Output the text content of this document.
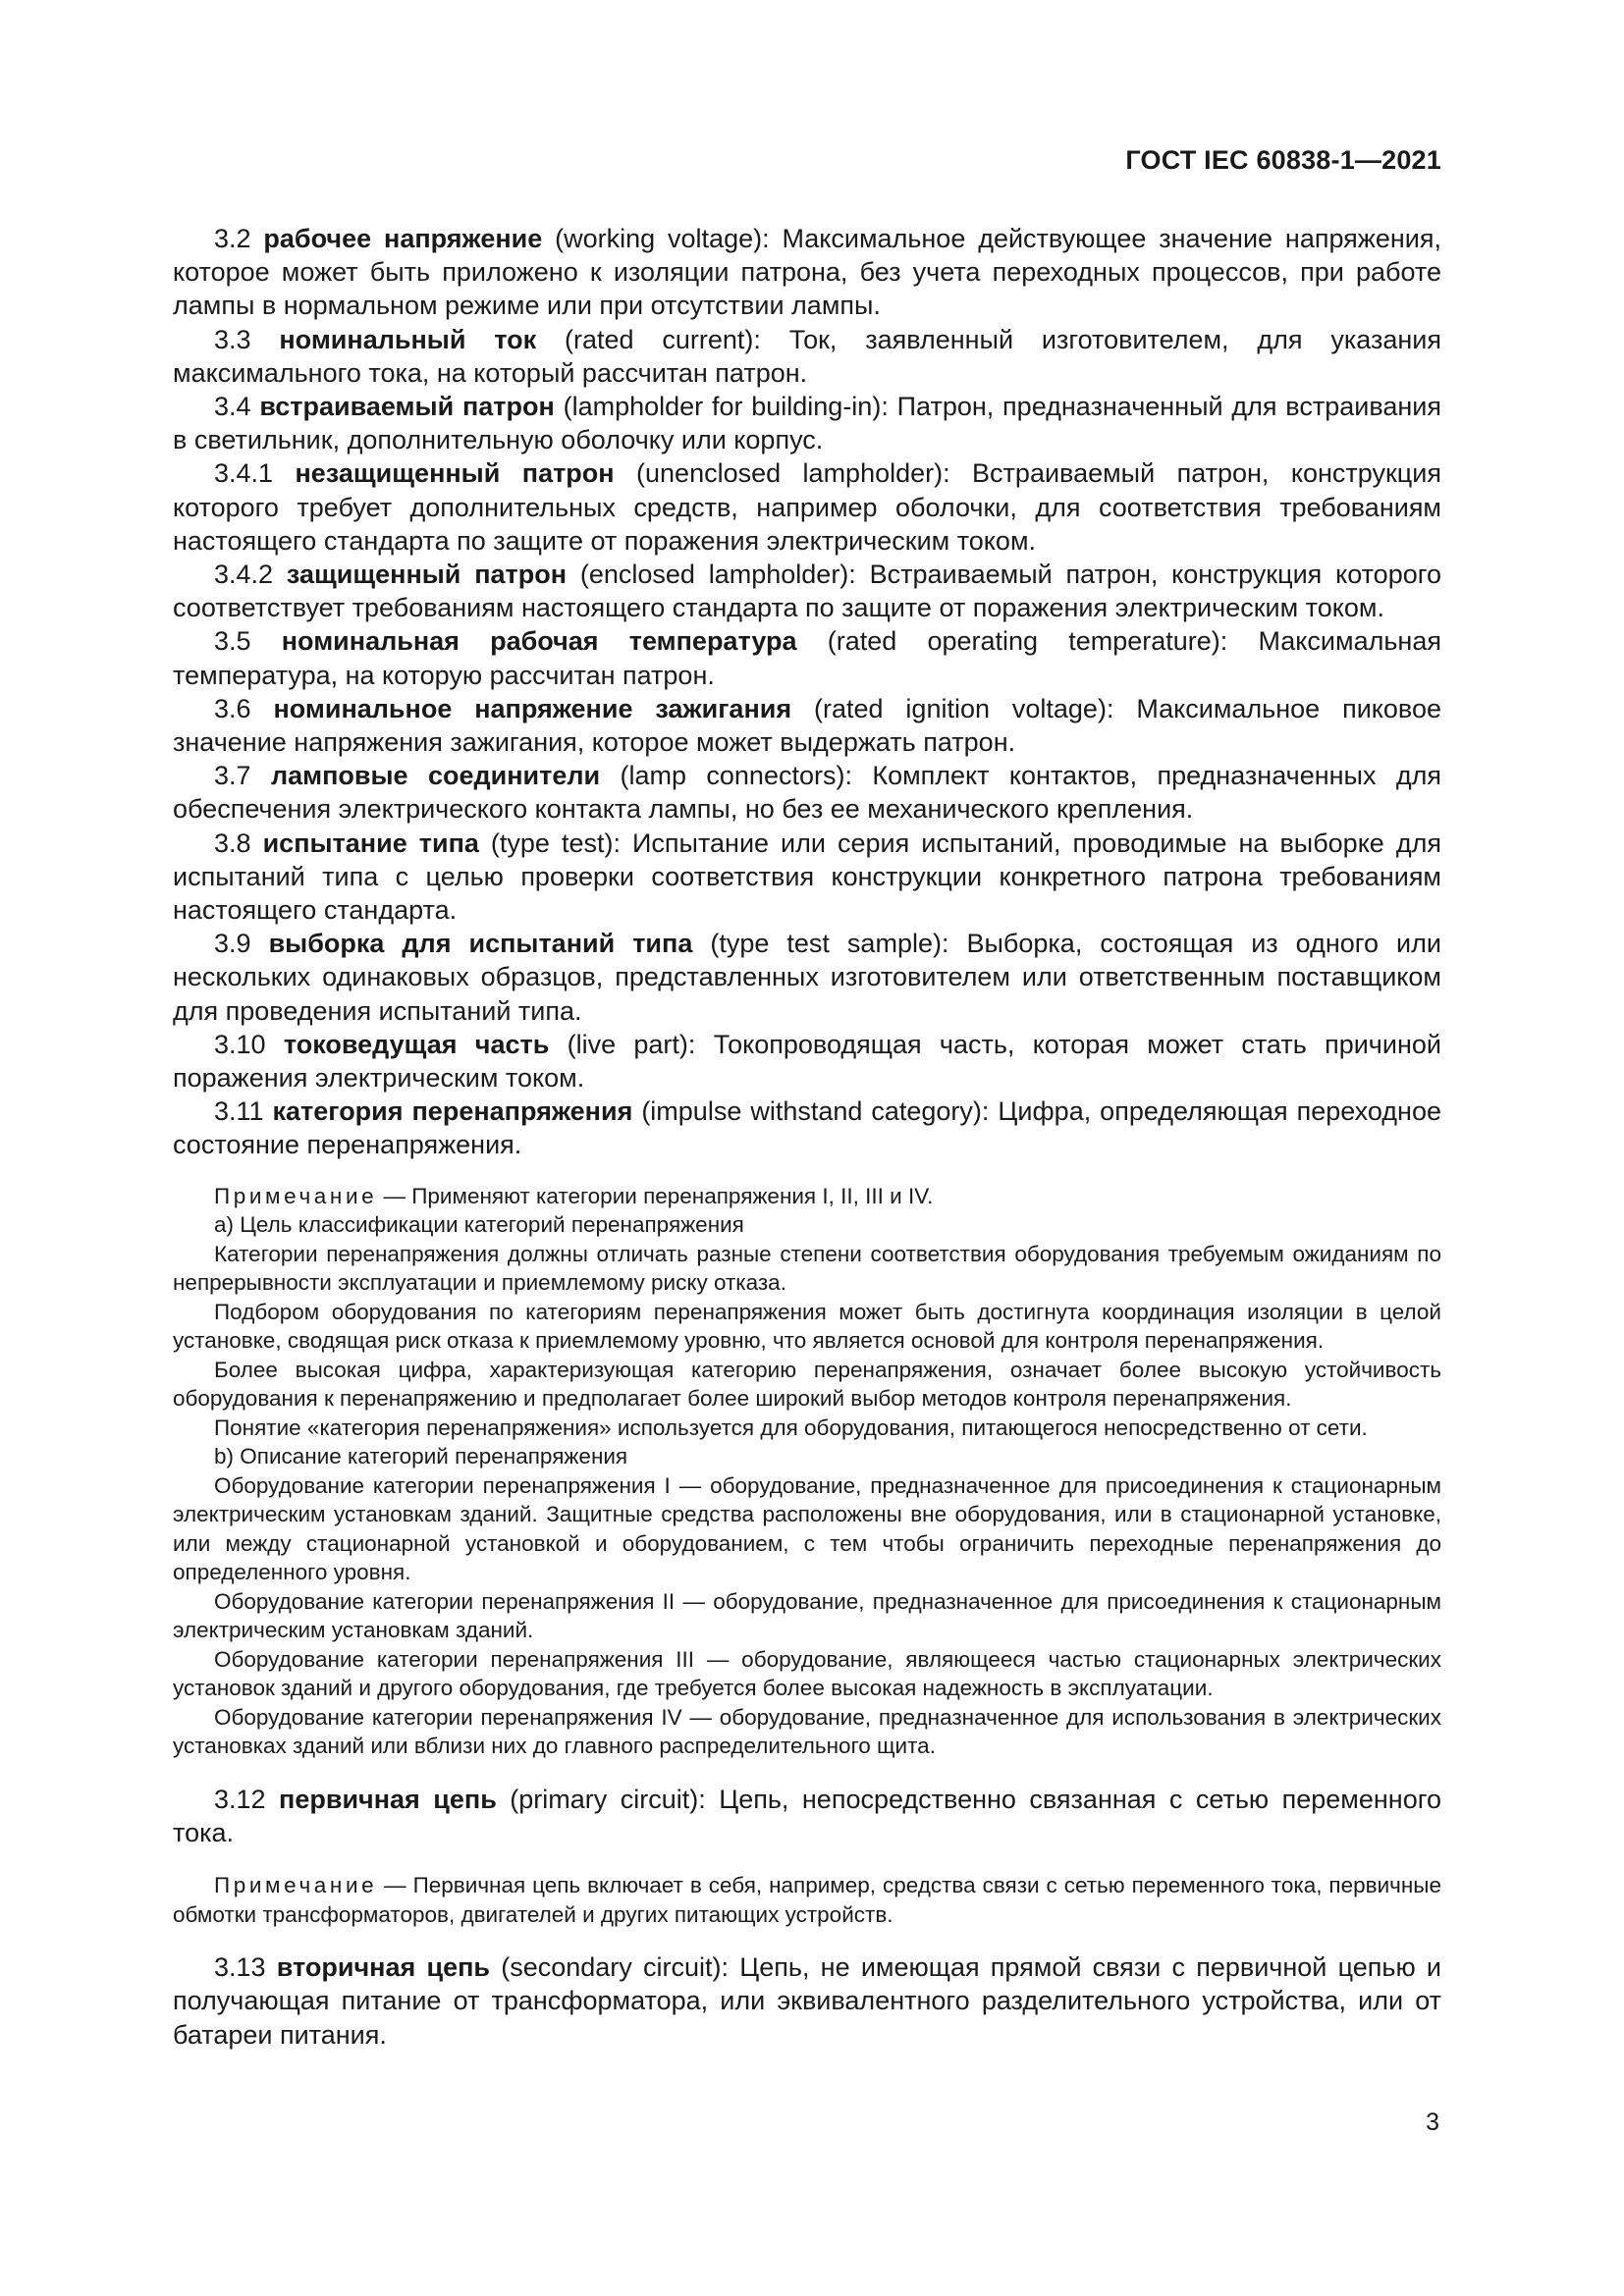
ГОСТ IEC 60838-1—2021

3.2 рабочее напряжение (working voltage): Максимальное действующее значение напряжения, которое может быть приложено к изоляции патрона, без учета переходных процессов, при работе лампы в нормальном режиме или при отсутствии лампы.

3.3 номинальный ток (rated current): Ток, заявленный изготовителем, для указания максимального тока, на который рассчитан патрон.

3.4 встраиваемый патрон (lampholder for building-in): Патрон, предназначенный для встраивания в светильник, дополнительную оболочку или корпус.

3.4.1 незащищенный патрон (unenclosed lampholder): Встраиваемый патрон, конструкция которого требует дополнительных средств, например оболочки, для соответствия требованиям настоящего стандарта по защите от поражения электрическим током.

3.4.2 защищенный патрон (enclosed lampholder): Встраиваемый патрон, конструкция которого соответствует требованиям настоящего стандарта по защите от поражения электрическим током.

3.5 номинальная рабочая температура (rated operating temperature): Максимальная температура, на которую рассчитан патрон.

3.6 номинальное напряжение зажигания (rated ignition voltage): Максимальное пиковое значение напряжения зажигания, которое может выдержать патрон.

3.7 ламповые соединители (lamp connectors): Комплект контактов, предназначенных для обеспечения электрического контакта лампы, но без ее механического крепления.

3.8 испытание типа (type test): Испытание или серия испытаний, проводимые на выборке для испытаний типа с целью проверки соответствия конструкции конкретного патрона требованиям настоящего стандарта.

3.9 выборка для испытаний типа (type test sample): Выборка, состоящая из одного или нескольких одинаковых образцов, представленных изготовителем или ответственным поставщиком для проведения испытаний типа.

3.10 токоведущая часть (live part): Токопроводящая часть, которая может стать причиной поражения электрическим током.

3.11 категория перенапряжения (impulse withstand category): Цифра, определяющая переходное состояние перенапряжения.

Примечание — Применяют категории перенапряжения I, II, III и IV.

a) Цель классификации категорий перенапряжения

Категории перенапряжения должны отличать разные степени соответствия оборудования требуемым ожиданиям по непрерывности эксплуатации и приемлемому риску отказа.

Подбором оборудования по категориям перенапряжения может быть достигнута координация изоляции в целой установке, сводящая риск отказа к приемлемому уровню, что является основой для контроля перенапряжения.

Более высокая цифра, характеризующая категорию перенапряжения, означает более высокую устойчивость оборудования к перенапряжению и предполагает более широкий выбор методов контроля перенапряжения.

Понятие «категория перенапряжения» используется для оборудования, питающегося непосредственно от сети.

b) Описание категорий перенапряжения

Оборудование категории перенапряжения I — оборудование, предназначенное для присоединения к стационарным электрическим установкам зданий. Защитные средства расположены вне оборудования, или в стационарной установке, или между стационарной установкой и оборудованием, с тем чтобы ограничить переходные перенапряжения до определенного уровня.

Оборудование категории перенапряжения II — оборудование, предназначенное для присоединения к стационарным электрическим установкам зданий.

Оборудование категории перенапряжения III — оборудование, являющееся частью стационарных электрических установок зданий и другого оборудования, где требуется более высокая надежность в эксплуатации.

Оборудование категории перенапряжения IV — оборудование, предназначенное для использования в электрических установках зданий или вблизи них до главного распределительного щита.

3.12 первичная цепь (primary circuit): Цепь, непосредственно связанная с сетью переменного тока.

Примечание — Первичная цепь включает в себя, например, средства связи с сетью переменного тока, первичные обмотки трансформаторов, двигателей и других питающих устройств.

3.13 вторичная цепь (secondary circuit): Цепь, не имеющая прямой связи с первичной цепью и получающая питание от трансформатора, или эквивалентного разделительного устройства, или от батареи питания.

3
